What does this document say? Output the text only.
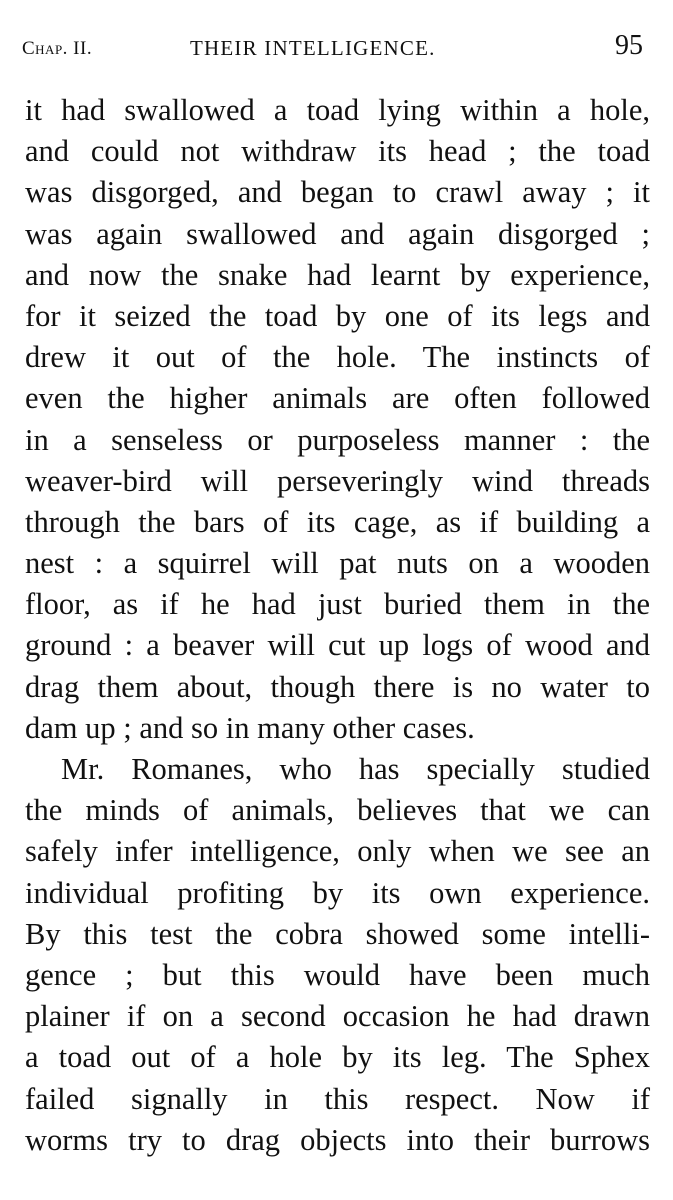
Chap. II.	THEIR INTELLIGENCE.	95
it had swallowed a toad lying within a hole,
and could not withdraw its head ; the toad
was disgorged, and began to crawl away ; it
was again swallowed and again disgorged ;
and now the snake had learnt by experience,
for it seized the toad by one of its legs and
drew it out of the hole. The instincts of
even the higher animals are often followed
in a senseless or purposeless manner : the
weaver-bird will perseveringly wind threads
through the bars of its cage, as if building a
nest : a squirrel will pat nuts on a wooden
floor, as if he had just buried them in the
ground : a beaver will cut up logs of wood and
drag them about, though there is no water to
dam up ; and so in many other cases.
Mr. Romanes, who has specially studied
the minds of animals, believes that we can
safely infer intelligence, only when we see an
individual profiting by its own experience.
By this test the cobra showed some intelli-
gence ; but this would have been much
plainer if on a second occasion he had drawn
a toad out of a hole by its leg. The Sphex
failed signally in this respect. Now if
worms try to drag objects into their burrows
